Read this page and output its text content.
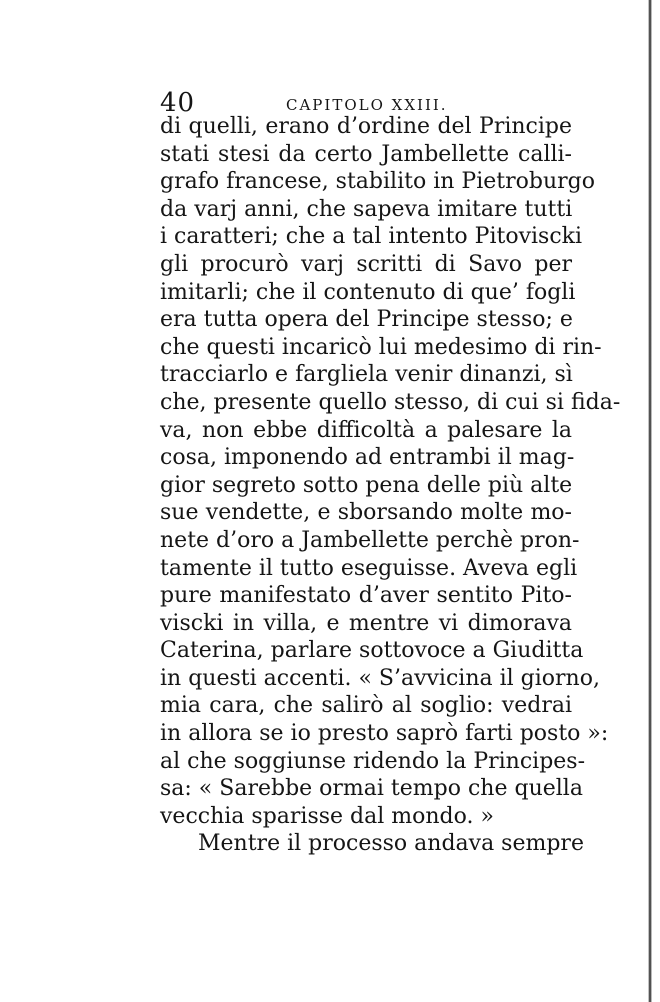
40	CAPITOLO XXIII.
di quelli, erano d’ordine del Principe
stati stesi da certo Jambellette calli-
grafo francese, stabilito in Pietroburgo
da varj anni, che sapeva imitare tutti
i caratteri; che a tal intento Pitoviscki
gli procurò varj scritti di Savo per
imitarli; che il contenuto di que’ fogli
era tutta opera del Principe stesso; e
che questi incaricò lui medesimo di rin-
tracciarlo e fargliela venir dinanzi, sì
che, presente quello stesso, di cui si fida-
va, non ebbe difficoltà a palesare la
cosa, imponendo ad entrambi il mag-
gior segreto sotto pena delle più alte
sue vendette, e sborsando molte mo-
nete d’oro a Jambellette perchè pron-
tamente il tutto eseguisse. Aveva egli
pure manifestato d’aver sentito Pito-
viscki in villa, e mentre vi dimorava
Caterina, parlare sottovoce a Giuditta
in questi accenti. « S’avvicina il giorno,
mia cara, che salirò al soglio: vedrai
in allora se io presto saprò farti posto »:
al che soggiunse ridendo la Principes-
sa: « Sarebbe ormai tempo che quella
vecchia sparisse dal mondo. »
Mentre il processo andava sempre
